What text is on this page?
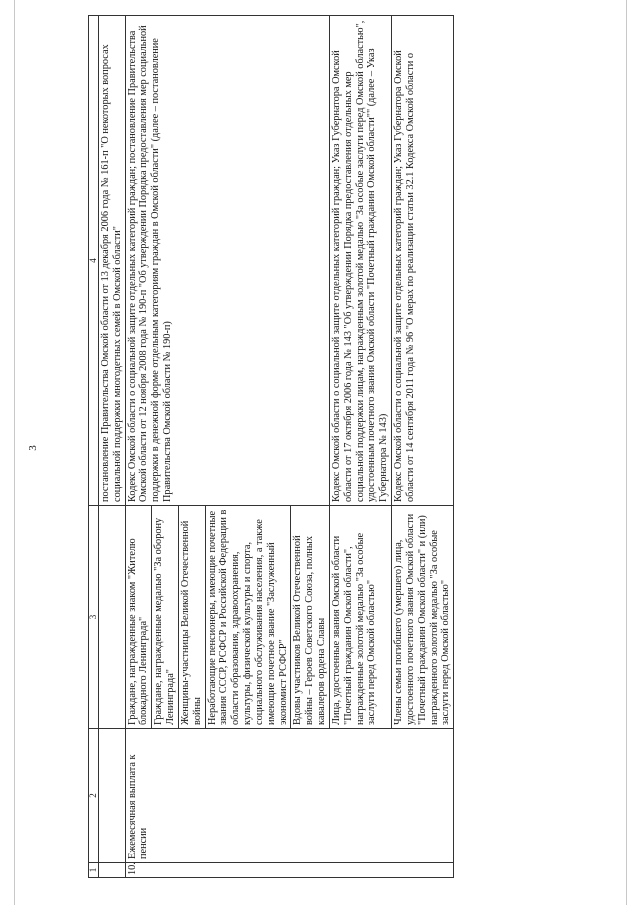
3
1	2	3	4
			постановление Правительства Омской области от 13 декабря 2006 года № 161-п "О некоторых вопросах социальной поддержки многодетных семей в Омской области"
10.	Ежемесячная выплата к пенсии	Граждане, награжденные знаком "Жителю блокадного Ленинграда"	Кодекс Омской области о социальной защите отдельных категорий граждан; постановление Правительства Омской области от 12 ноября 2008 года № 190-п "Об утверждении Порядка предоставления мер социальной поддержки в денежной форме отдельным категориям граждан в Омской области" (далее – постановление Правительства Омской области № 190-п)
		Граждане, награжденные медалью "За оборону Ленинграда"	
		Женщины-участницы Великой Отечественной войны	
		Неработающие пенсионеры, имеющие почетные звания СССР, РСФСР и Российской Федерации в области образования, здравоохранения, культуры, физической культуры и спорта, социального обслуживания населения, а также имеющие почетное звание "Заслуженный экономист РСФСР"	
		Вдовы участников Великой Отечественной войны – Героев Советского Союза, полных кавалеров ордена Славы	
		Лица, удостоенные звания Омской области "Почетный гражданин Омской области", награжденные золотой медалью "За особые заслуги перед Омской областью"	Кодекс Омской области о социальной защите отдельных категорий граждан; Указ Губернатора Омской области от 17 октября 2006 года № 143 "Об утверждении Порядка предоставления отдельных мер социальной поддержки лицам, награжденным золотой медалью "За особые заслуги перед Омской областью", удостоенным почетного звания Омской области "Почетный гражданин Омской области"" (далее – Указ Губернатора № 143)
		Члены семьи погибшего (умершего) лица, удостоенного почетного звания Омской области "Почетный гражданин Омской области" и (или) награжденного золотой медалью "За особые заслуги перед Омской областью"	Кодекс Омской области о социальной защите отдельных категорий граждан; Указ Губернатора Омской области от 14 сентября 2011 года № 96 "О мерах по реализации статьи 32.1 Кодекса Омской области о
